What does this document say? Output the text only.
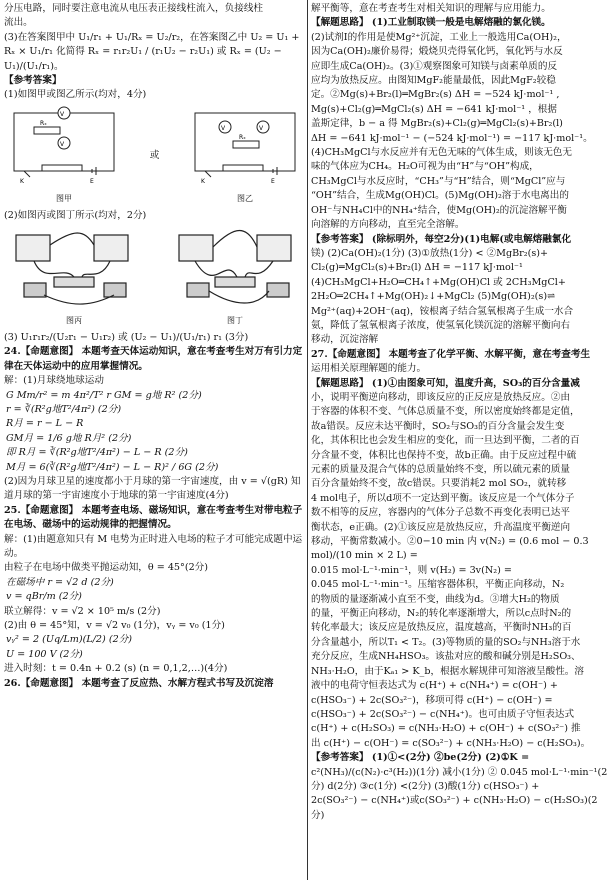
分压电路，同时要注意电流从电压表正接线柱流入，负接线柱

流出。

(3)在答案图甲中 U₁/r₁ + U₁/Rₓ = U₂/r₂，在答案图乙中 U₂ = U₁ +

Rₓ × U₁/r₁ 化简得 Rₓ = r₁r₂U₁ / (r₁U₂ − r₂U₁) 或 Rₓ = (U₂ − U₁)/(U₁/r₁)。

【参考答案】

(1)如图甲或图乙所示(均对，4分)

V
V
Rₓ
K	E
图甲
或
V	V
Rₓ
K	E
图乙

(2)如图丙或图丁所示(均对，2分)

图丙	图丁

(3) U₁r₁r₂/(U₂r₁ − U₁r₂) 或 (U₂ − U₁)/(U₁/r₁) r₁ (3分)

24.【命题意图】 本题考查天体运动知识，意在考查考生对万有引力定律在天体运动中的应用掌握情况。

解：(1)月球绕地球运动

G Mm/r² = m 4π²/T² r GM = g地 R² (2分)

r = ∛(R²g地T²/4π²) (2分)

R月 = r − L − R

GM月 = 1/6 g地 R月² (2分)

即 R月 = ∛(R²g地T²/4π²) − L − R (2分)

M月 = 6(∛(R²g地T²/4π²) − L − R)² / 6G (2分)

(2)因为月球卫星的速度都小于月球的第一宇宙速度，由 v = √(gR) 知道月球的第一宇宙速度小于地球的第一宇宙速度(4分)

25.【命题意图】 本题考查电场、磁场知识，意在考查考生对带电粒子在电场、磁场中的运动规律的把握情况。

解：(1)由题意知只有 M 电势为正时进入电场的粒子才可能完成题中运动。

由粒子在电场中做类平抛运动知，θ = 45°(2分)

在磁场中 r = √2 d (2分)

v = qBr/m (2分)

联立解得：v = √2 × 10⁵ m/s (2分)

(2)由 θ = 45°知，v = √2 v₀ (1分)，vᵧ = v₀ (1分)

vᵧ² = 2 (Uq/Lm)(L/2) (2分)

U = 100 V (2分)

进入时刻：t = 0.4n + 0.2 (s) (n = 0,1,2,…)(4分)

26.【命题意图】 本题考查了反应热、水解方程式书写及沉淀溶

解平衡等，意在考查考生对相关知识的理解与应用能力。

【解题思路】 (1)工业制取镁一般是电解熔融的氯化镁。

(2)试剂Ⅰ的作用是使Mg²⁺沉淀，工业上一般选用Ca(OH)₂，

因为Ca(OH)₂廉价易得；煅烧贝壳得氧化钙，氧化钙与水反

应即生成Ca(OH)₂。(3)①观察图象可知镁与卤素单质的反

应均为放热反应。由图知MgF₂能量最低，因此MgF₂较稳

定。②Mg(s)+Br₂(l)═MgBr₂(s) ΔH = −524 kJ·mol⁻¹ ,

Mg(s)+Cl₂(g)═MgCl₂(s) ΔH = −641 kJ·mol⁻¹ ，根据

盖斯定律，b − a 得 MgBr₂(s)+Cl₂(g)═MgCl₂(s)+Br₂(l)

ΔH = −641 kJ·mol⁻¹ − (−524 kJ·mol⁻¹) = −117 kJ·mol⁻¹。

(4)CH₃MgCl与水反应并有无色无味的气体生成，则该无色无

味的气体应为CH₄。H₂O可视为由“H”与“OH”构成，

CH₃MgCl与水反应时，“CH₃”与“H”结合，则“MgCl”应与

“OH”结合，生成Mg(OH)Cl。(5)Mg(OH)₂溶于水电离出的

OH⁻与NH₄Cl中的NH₄⁺结合，使Mg(OH)₂的沉淀溶解平衡

向溶解的方向移动，直至完全溶解。

【参考答案】 (除标明外，每空2分)(1)电解(或电解熔融氯化

镁) (2)Ca(OH)₂(1分) (3)①放热(1分) < ②MgBr₂(s)+

Cl₂(g)═MgCl₂(s)+Br₂(l) ΔH = −117 kJ·mol⁻¹

(4)CH₃MgCl+H₂O═CH₄↑+Mg(OH)Cl 或 2CH₃MgCl+

2H₂O═2CH₄↑+Mg(OH)₂↓+MgCl₂ (5)Mg(OH)₂(s)⇌

Mg²⁺(aq)+2OH⁻(aq)，铵根离子结合氢氧根离子生成一水合

氨，降低了氢氧根离子浓度，使氢氧化镁沉淀的溶解平衡向右

移动，沉淀溶解

27.【命题意图】 本题考查了化学平衡、水解平衡，意在考查考生

运用相关原理解题的能力。

【解题思路】 (1)①由图象可知，温度升高，SO₃的百分含量减

小，说明平衡逆向移动，即该反应的正反应是放热反应。②由

于容器的体积不变、气体总质量不变，所以密度始终都是定值，

故a错误。反应未达平衡时，SO₂与SO₃的百分含量会发生变

化，其体积比也会发生相应的变化，而一旦达到平衡，二者的百

分含量不变，体积比也保持不变，故b正确。由于反应过程中硫

元素的质量及混合气体的总质量始终不变，所以硫元素的质量

百分含量始终不变，故c错误。只要消耗2 mol SO₂，就转移

4 mol电子，所以d项不一定达到平衡。该反应是一个气体分子

数不相等的反应，容器内的气体分子总数不再变化表明已达平

衡状态，e正确。(2)①该反应是放热反应，升高温度平衡逆向

移动，平衡常数减小。②0−10 min 内 v(N₂) = (0.6 mol − 0.3 mol)/(10 min × 2 L) =

0.015 mol·L⁻¹·min⁻¹，则 v(H₂) = 3v(N₂) =

0.045 mol·L⁻¹·min⁻¹。压缩容器体积，平衡正向移动，N₂

的物质的量逐渐减小直至不变，曲线为d。③增大H₂的物质

的量，平衡正向移动，N₂的转化率逐渐增大，所以c点时N₂的

转化率最大；该反应是放热反应，温度越高，平衡时NH₃的百

分含量越小，所以T₁ < T₂。(3)等物质的量的SO₂与NH₃溶于水

充分反应，生成NH₄HSO₃。该盐对应的酸和碱分别是H₂SO₃、

NH₃·H₂O，由于Kₐ₁ > K_b，根据水解规律可知溶液呈酸性。溶

液中的电荷守恒表达式为 c(H⁺) + c(NH₄⁺) = c(OH⁻) +

c(HSO₃⁻) + 2c(SO₃²⁻)，移项可得 c(H⁺) − c(OH⁻) =

c(HSO₃⁻) + 2c(SO₃²⁻) − c(NH₄⁺)。也可由质子守恒表达式

c(H⁺) + c(H₂SO₃) = c(NH₃·H₂O) + c(OH⁻) + c(SO₃²⁻) 推

出 c(H⁺) − c(OH⁻) = c(SO₃²⁻) + c(NH₃·H₂O) − c(H₂SO₃)。

【参考答案】 (1)①<(2分) ②be(2分) (2)①K =

c²(NH₃)/(c(N₂)·c³(H₂))(1分) 减小(1分) ② 0.045 mol·L⁻¹·min⁻¹(2

分) d(2分) ③c(1分) <(2分) (3)酸(1分) c(HSO₃⁻) +

2c(SO₃²⁻) − c(NH₄⁺)或c(SO₃²⁻) + c(NH₃·H₂O) − c(H₂SO₃)(2分)
